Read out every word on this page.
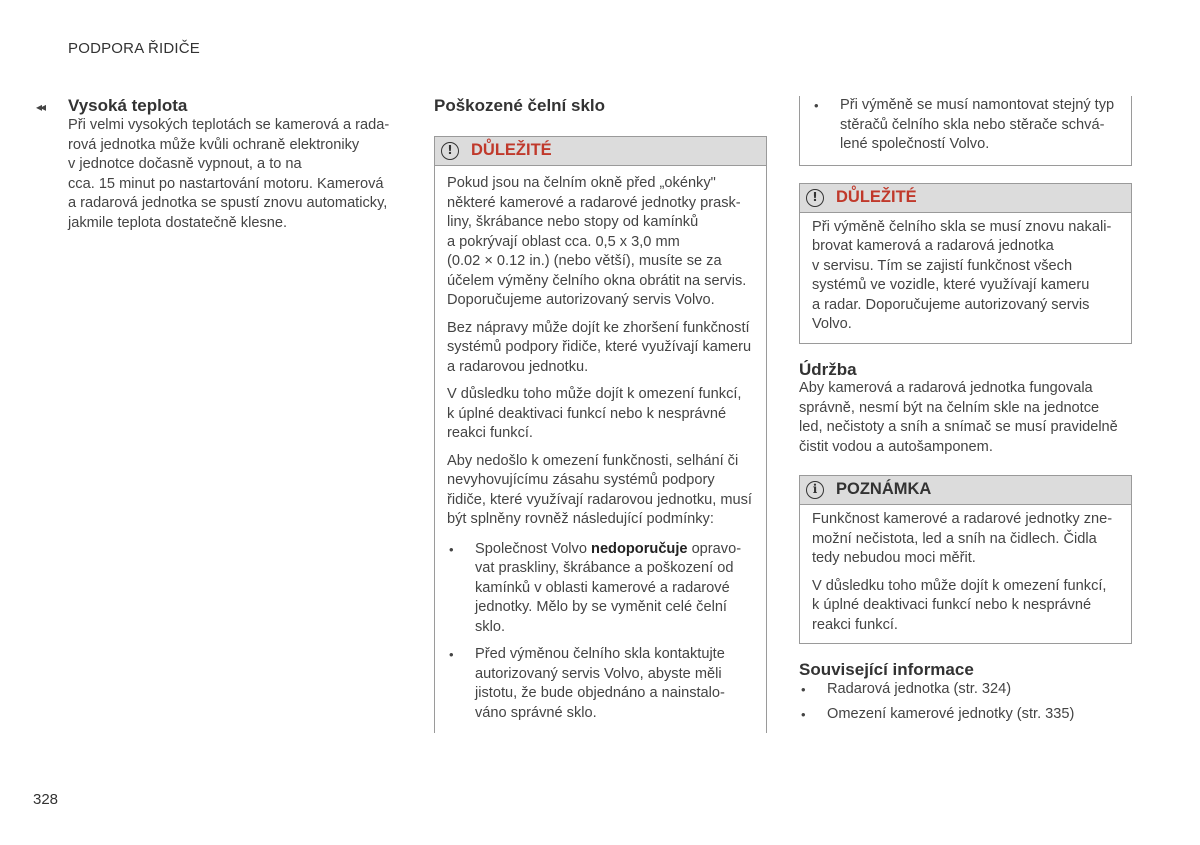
PODPORA ŘIDIČE
◂◂ Vysoká teplota

Při velmi vysokých teplotách se kamerová a rada-
rová jednotka může kvůli ochraně elektroniky
v jednotce dočasně vypnout, a to na
cca. 15 minut po nastartování motoru. Kamerová
a radarová jednotka se spustí znovu automaticky,
jakmile teplota dostatečně klesne.

Poškozené čelní sklo
!	DŮLEŽITÉ

Pokud jsou na čelním okně před „okénky"
některé kamerové a radarové jednotky prask-
liny, škrábance nebo stopy od kamínků
a pokrývají oblast cca. 0,5 x 3,0 mm
(0.02 × 0.12 in.) (nebo větší), musíte se za
účelem výměny čelního okna obrátit na servis.
Doporučujeme autorizovaný servis Volvo.

Bez nápravy může dojít ke zhoršení funkčností
systémů podpory řidiče, které využívají kameru
a radarovou jednotku.

V důsledku toho může dojít k omezení funkcí,
k úplné deaktivaci funkcí nebo k nesprávné
reakci funkcí.

Aby nedošlo k omezení funkčnosti, selhání či
nevyhovujícímu zásahu systémů podpory
řidiče, které využívají radarovou jednotku, musí
být splněny rovněž následující podmínky:

• Společnost Volvo nedoporučuje opravo-
vat praskliny, škrábance a poškození od
kamínků v oblasti kamerové a radarové
jednotky. Mělo by se vyměnit celé čelní
sklo.
• Před výměnou čelního skla kontaktujte
autorizovaný servis Volvo, abyste měli
jistotu, že bude objednáno a nainstalo-
váno správné sklo.
• Při výměně se musí namontovat stejný typ
stěračů čelního skla nebo stěrače schvá-
lené společností Volvo.
!	DŮLEŽITÉ

Při výměně čelního skla se musí znovu nakali-
brovat kamerová a radarová jednotka
v servisu. Tím se zajistí funkčnost všech
systémů ve vozidle, které využívají kameru
a radar. Doporučujeme autorizovaný servis
Volvo.

Údržba

Aby kamerová a radarová jednotka fungovala
správně, nesmí být na čelním skle na jednotce
led, nečistoty a sníh a snímač se musí pravidelně
čistit vodou a autošamponem.

i	POZNÁMKA

Funkčnost kamerové a radarové jednotky zne-
možní nečistota, led a sníh na čidlech. Čidla
tedy nebudou moci měřit.

V důsledku toho může dojít k omezení funkcí,
k úplné deaktivaci funkcí nebo k nesprávné
reakci funkcí.

Související informace
• Radarová jednotka (str. 324)
• Omezení kamerové jednotky (str. 335)
328
